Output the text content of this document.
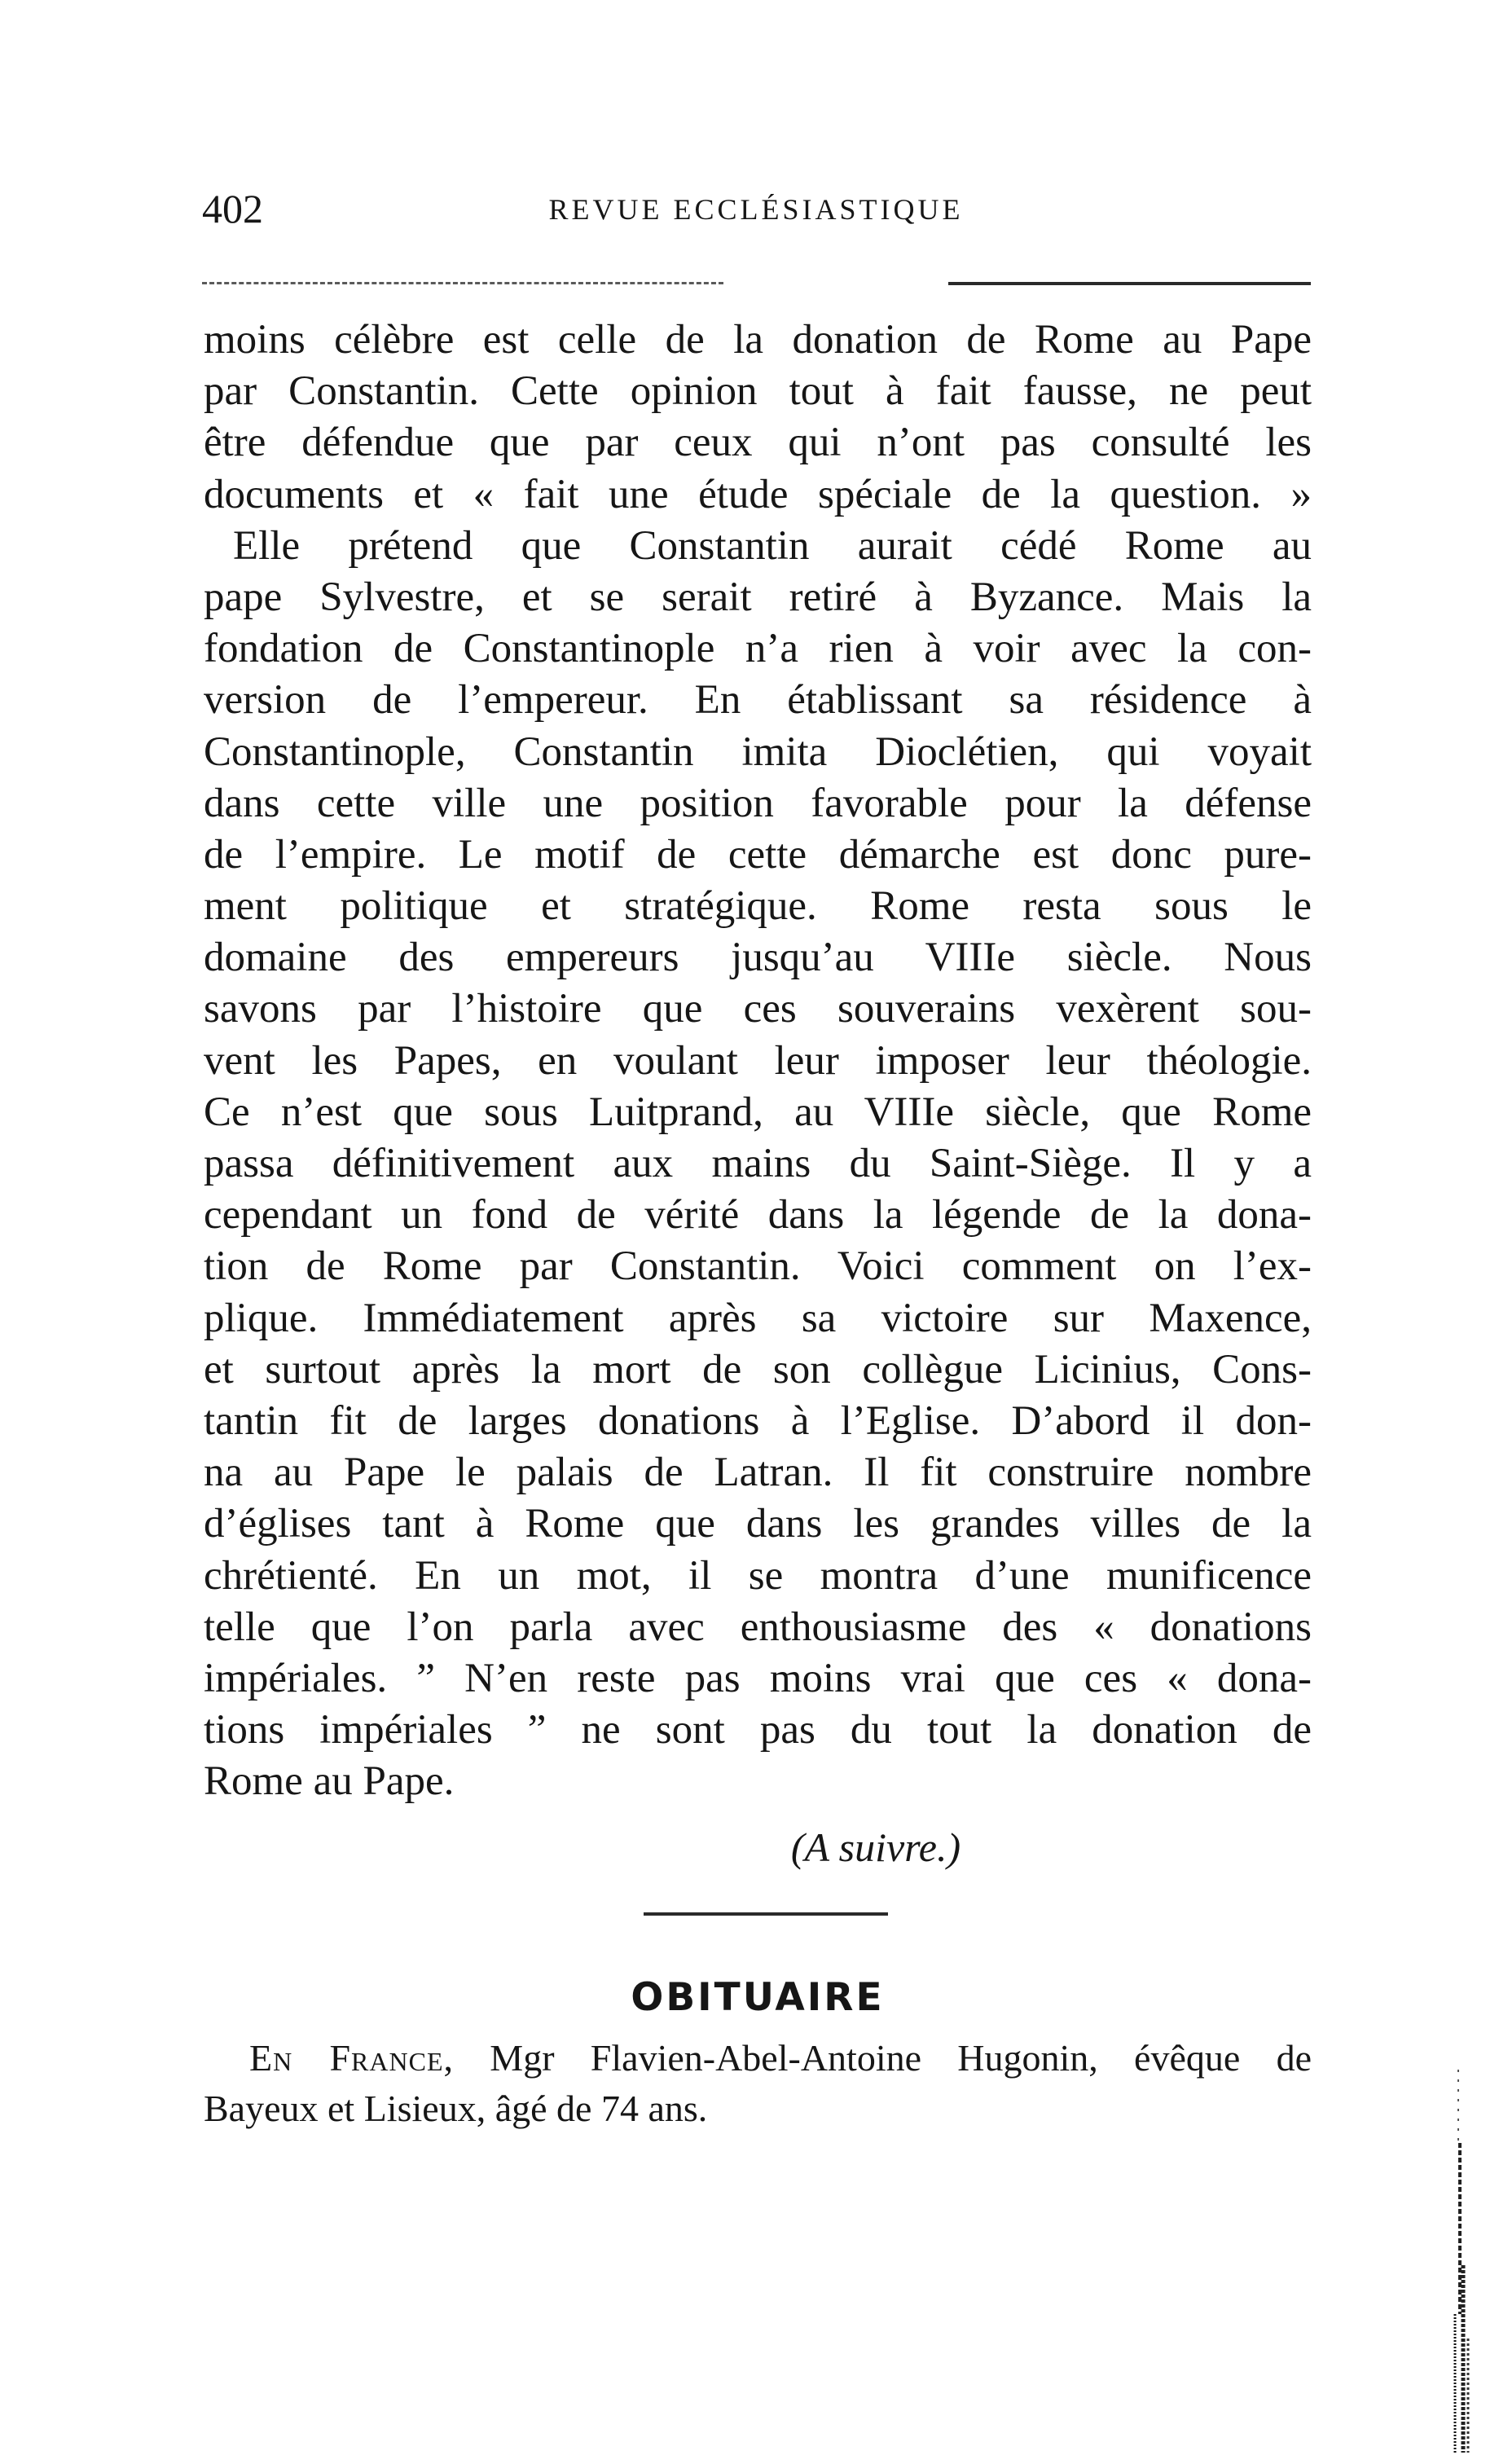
402	REVUE ECCLÉSIASTIQUE
moins célèbre est celle de la donation de Rome au Pape
par Constantin. Cette opinion tout à fait fausse, ne peut
être défendue que par ceux qui n’ont pas consulté les
documents et « fait une étude spéciale de la question. »
Elle prétend que Constantin aurait cédé Rome au
pape Sylvestre, et se serait retiré à Byzance. Mais la
fondation de Constantinople n’a rien à voir avec la con-
version de l’empereur. En établissant sa résidence à
Constantinople, Constantin imita Dioclétien, qui voyait
dans cette ville une position favorable pour la défense
de l’empire. Le motif de cette démarche est donc pure-
ment politique et stratégique. Rome resta sous le
domaine des empereurs jusqu’au VIIIe siècle. Nous
savons par l’histoire que ces souverains vexèrent sou-
vent les Papes, en voulant leur imposer leur théologie.
Ce n’est que sous Luitprand, au VIIIe siècle, que Rome
passa définitivement aux mains du Saint-Siège. Il y a
cependant un fond de vérité dans la légende de la dona-
tion de Rome par Constantin. Voici comment on l’ex-
plique. Immédiatement après sa victoire sur Maxence,
et surtout après la mort de son collègue Licinius, Cons-
tantin fit de larges donations à l’Eglise. D’abord il don-
na au Pape le palais de Latran. Il fit construire nombre
d’églises tant à Rome que dans les grandes villes de la
chrétienté. En un mot, il se montra d’une munificence
telle que l’on parla avec enthousiasme des « donations
impériales. ” N’en reste pas moins vrai que ces « dona-
tions impériales ” ne sont pas du tout la donation de
Rome au Pape.
(A suivre.)
OBITUAIRE
En France, Mgr Flavien-Abel-Antoine Hugonin, évêque de
Bayeux et Lisieux, âgé de 74 ans.
